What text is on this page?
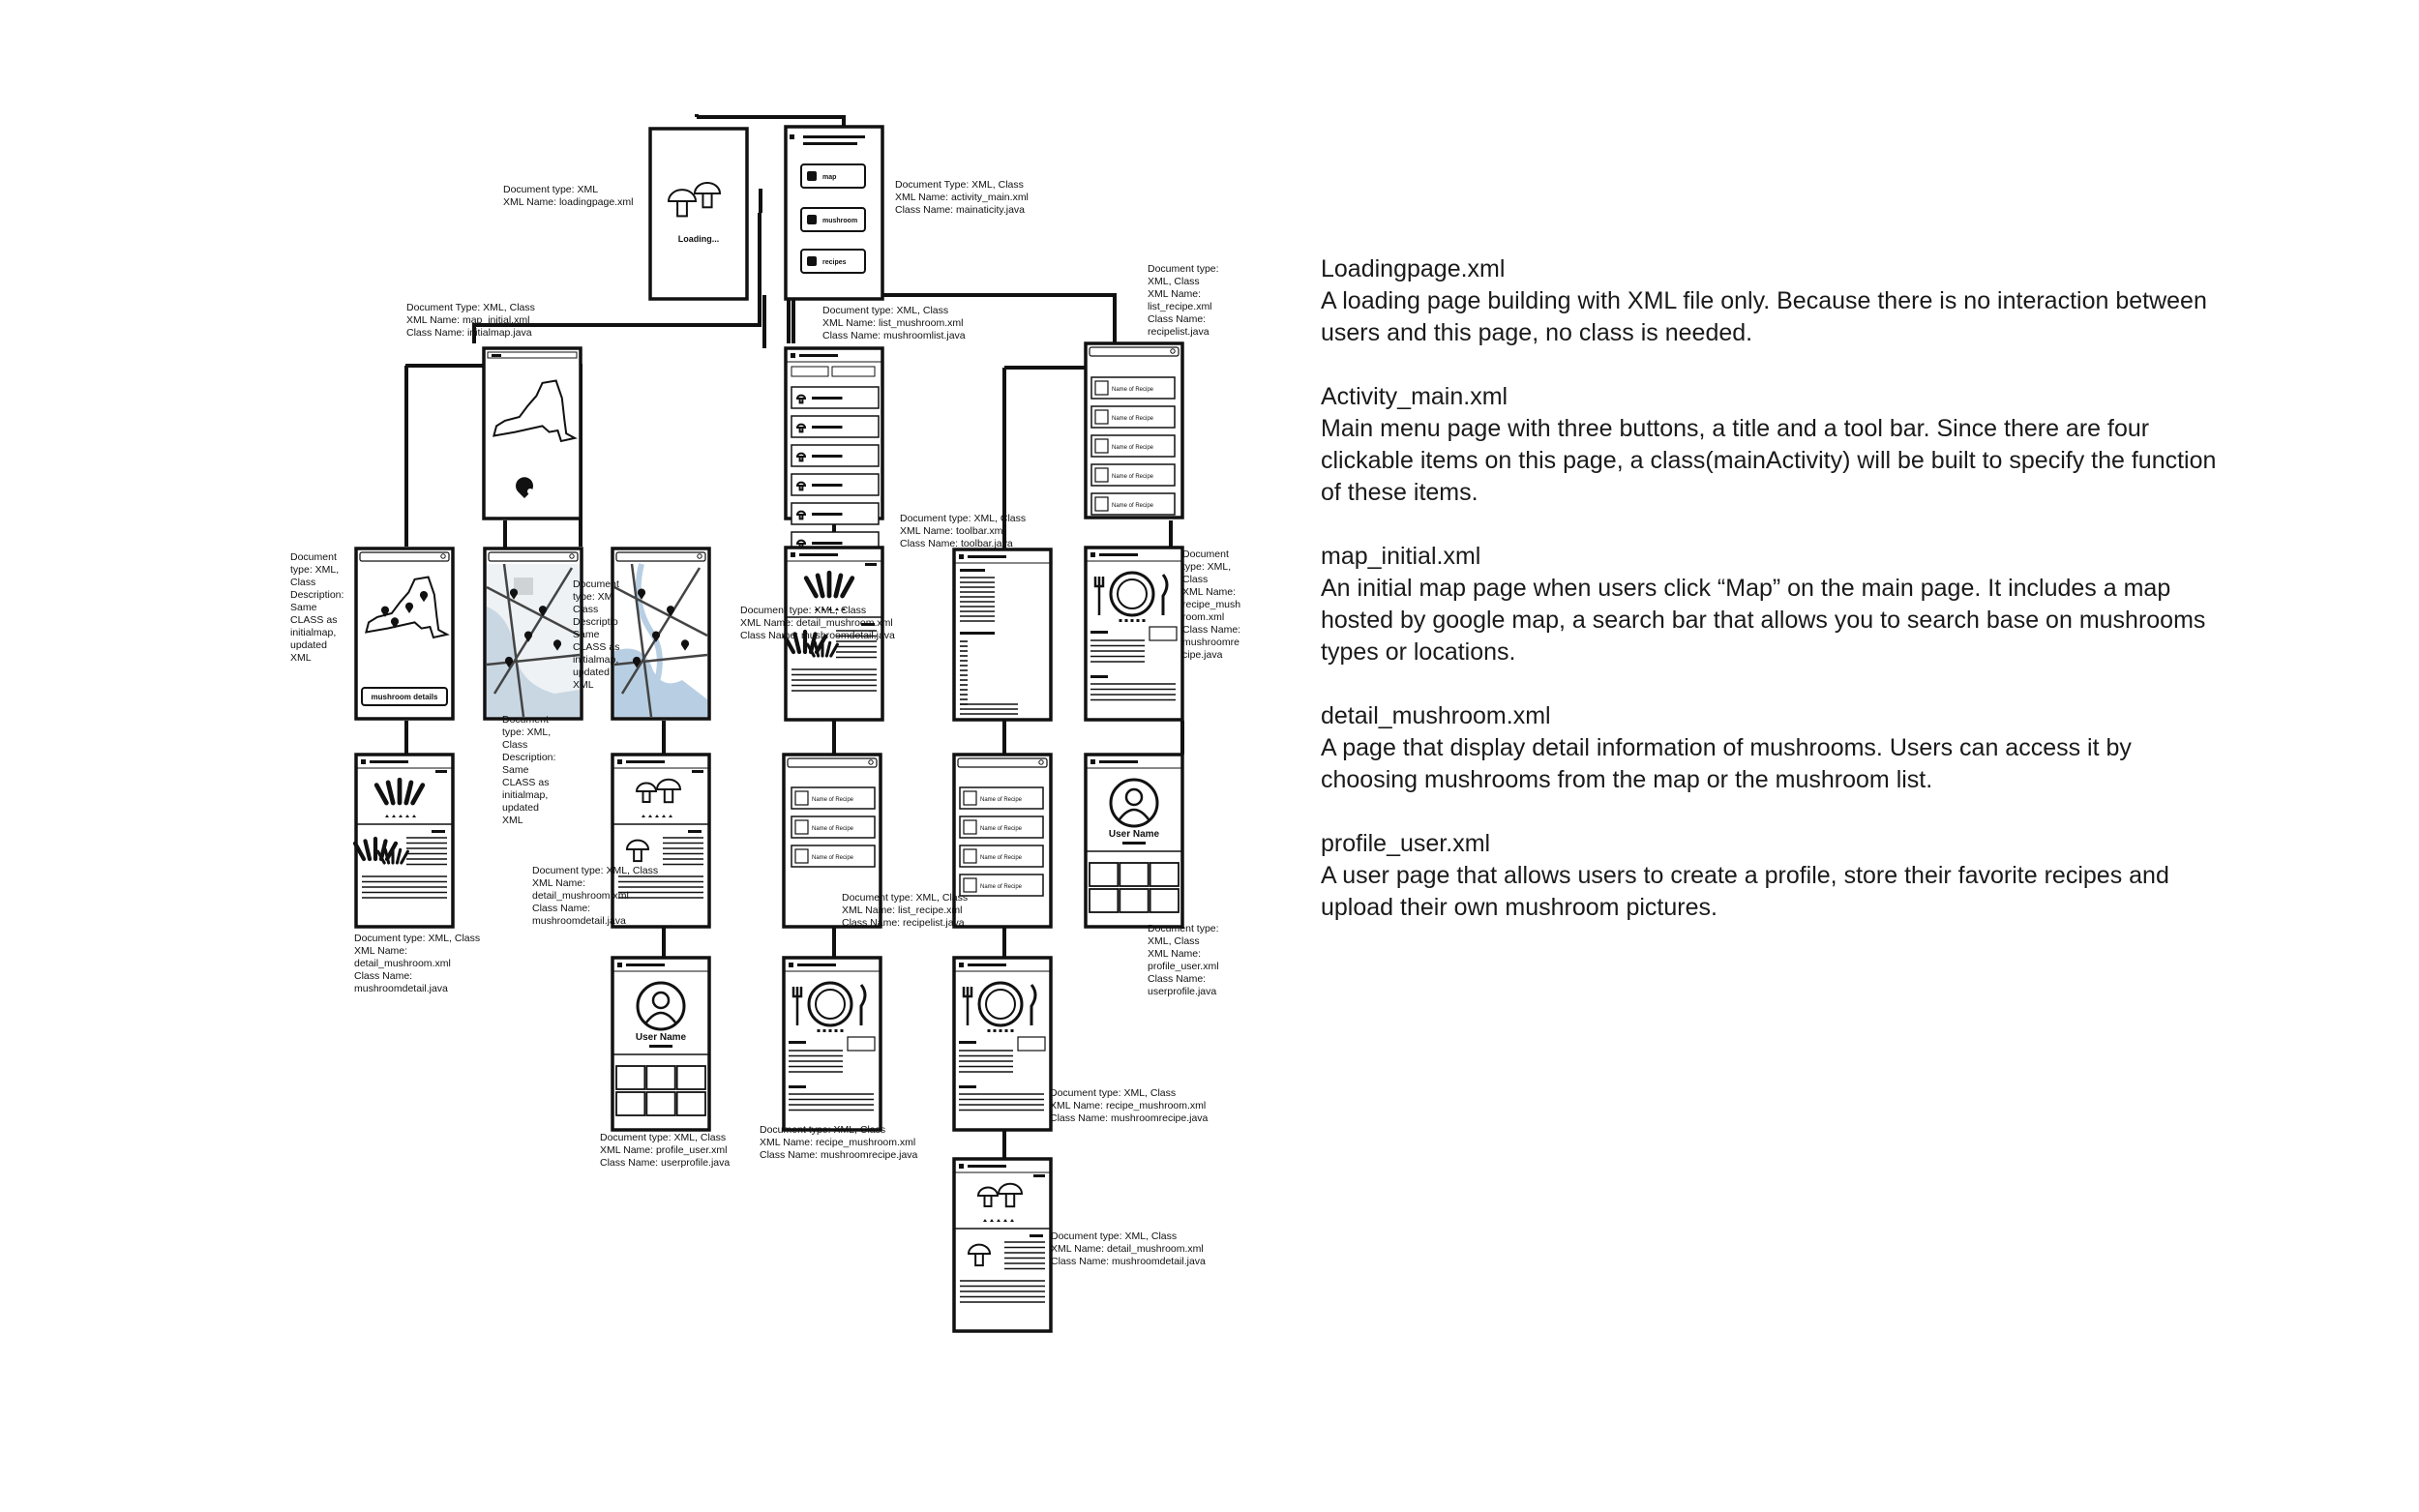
Loading...
map
mushroom
recipes
Name of Recipe
Name of Recipe
Name of Recipe
Name of Recipe
Name of Recipe
mushroom details
Name of Recipe
Name of Recipe
Name of Recipe
Name of Recipe
Name of Recipe
Name of Recipe
Name of Recipe
User Name
User Name
Document type: XML
XML Name: loadingpage.xml
Document Type: XML, Class
XML Name: activity_main.xml
Class Name: mainaticity.java
Document Type: XML, Class
XML Name: map_initial.xml
Class Name: initialmap.java
Document type: XML, Class
XML Name: list_mushroom.xml
Class Name: mushroomlist.java
Document type:
XML, Class
XML Name:
list_recipe.xml
Class Name:
recipelist.java
Document
type: XML,
Class
Description:
Same
CLASS as
initialmap,
updated
XML
Document
type: XM
Class
Descriptio
Same
CLASS as
initialmap,
updated
XML
Document
type: XML,
Class
Description:
Same
CLASS as
initialmap,
updated
XML
Document type: XML, Class
XML Name: toolbar.xml
Class Name: toolbar.java
Document type: XML, Class
XML Name: detail_mushroom.xml
Class Name: mushroomdetail.java
Document
type: XML,
Class
XML Name:
recipe_mush
room.xml
Class Name:
mushroomre
cipe.java
Document type: XML, Class
XML Name:
detail_mushroom.xml
Class Name:
mushroomdetail.java
Document type: XML, Class
XML Name:
detail_mushroom.xml
Class Name:
mushroomdetail.java
Document type: XML, Class
XML Name: list_recipe.xml
Class Name: recipelist.java	Document type:
XML, Class
XML Name:
profile_user.xml
Class Name:
userprofile.java
Document type: XML, Class
XML Name: profile_user.xml
Class Name: userprofile.java
Document type: XML, Class
XML Name: recipe_mushroom.xml
Class Name: mushroomrecipe.java
Document type: XML, Class
XML Name: recipe_mushroom.xml
Class Name: mushroomrecipe.java
Document type: XML, Class
XML Name: detail_mushroom.xml
Class Name: mushroomdetail.java
Loadingpage.xml
A loading page building with XML file only. Because there is no interaction between users and this page, no class is needed.
Activity_main.xml
Main menu page with three buttons, a title and a tool bar. Since there are four clickable items on this page, a class(mainActivity) will be built to specify the function of these items.
map_initial.xml
An initial map page when users click “Map” on the main page. It includes a map hosted by google map, a search bar that allows you to search base on mushrooms types or locations.
detail_mushroom.xml
A page that display detail information of mushrooms. Users can access it by choosing mushrooms from the map or the mushroom list.
profile_user.xml
A user page that allows users to create a profile, store their favorite recipes and upload their own mushroom pictures.
